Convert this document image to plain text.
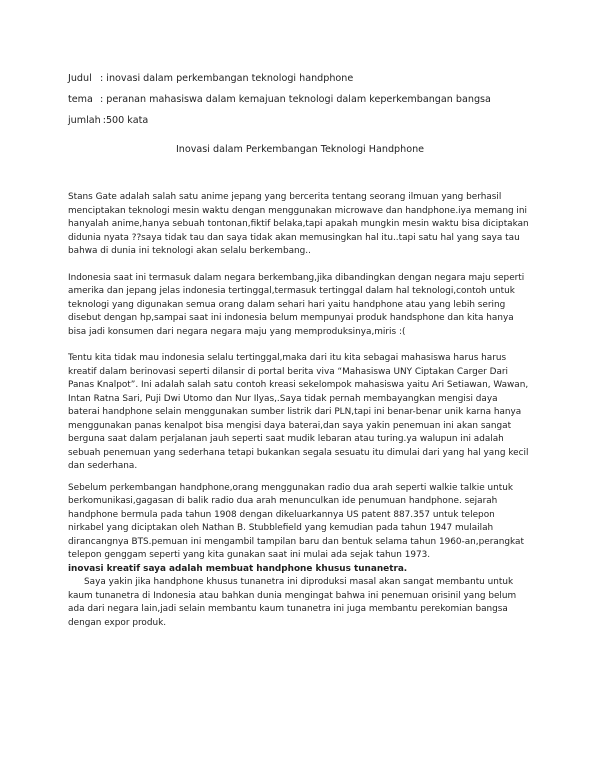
Judul : inovasi dalam perkembangan teknologi handphone
tema : peranan mahasiswa dalam kemajuan teknologi dalam keperkembangan bangsa
jumlah :500 kata
Inovasi dalam Perkembangan Teknologi Handphone

Stans Gate adalah salah satu anime jepang yang bercerita tentang seorang ilmuan yang berhasil menciptakan teknologi mesin waktu dengan menggunakan microwave dan handphone.iya memang ini hanyalah anime,hanya sebuah tontonan,fiktif belaka,tapi apakah mungkin mesin waktu bisa diciptakan didunia nyata ??saya tidak tau dan saya tidak akan memusingkan hal itu..tapi satu hal yang saya tau bahwa di dunia ini teknologi akan selalu berkembang..

Indonesia saat ini termasuk dalam negara berkembang,jika dibandingkan dengan negara maju seperti amerika dan jepang jelas indonesia tertinggal,termasuk tertinggal dalam hal teknologi,contoh untuk teknologi yang digunakan semua orang dalam sehari hari yaitu handphone atau yang lebih sering disebut dengan hp,sampai saat ini indonesia belum mempunyai produk handsphone dan kita hanya bisa jadi konsumen dari negara negara maju yang memproduksinya,miris :(

Tentu kita tidak mau indonesia selalu tertinggal,maka dari itu kita sebagai mahasiswa harus harus kreatif dalam berinovasi seperti dilansir di portal berita viva “Mahasiswa UNY Ciptakan Carger Dari Panas Knalpot”. Ini adalah salah satu contoh kreasi sekelompok mahasiswa yaitu Ari Setiawan, Wawan, Intan Ratna Sari, Puji Dwi Utomo dan Nur Ilyas,.Saya tidak pernah membayangkan mengisi daya baterai handphone selain menggunakan sumber listrik dari PLN,tapi ini benar-benar unik karna hanya menggunakan panas kenalpot bisa mengisi daya baterai,dan saya yakin penemuan ini akan sangat berguna saat dalam perjalanan jauh seperti saat mudik lebaran atau turing.ya walupun ini adalah sebuah penemuan yang sederhana tetapi bukankan segala sesuatu itu dimulai dari yang hal yang kecil dan sederhana.

Sebelum perkembangan handphone,orang menggunakan radio dua arah seperti walkie talkie untuk berkomunikasi,gagasan di balik radio dua arah menunculkan ide penumuan handphone. sejarah handphone bermula pada tahun 1908 dengan dikeluarkannya US patent 887.357 untuk telepon nirkabel yang diciptakan oleh Nathan B. Stubblefield yang kemudian pada tahun 1947 mulailah dirancangnya BTS.pemuan ini mengambil tampilan baru dan bentuk selama tahun 1960-an,perangkat telepon genggam seperti yang kita gunakan saat ini mulai ada sejak tahun 1973.

inovasi kreatif saya adalah membuat handphone khusus tunanetra.

Saya yakin jika handphone khusus tunanetra ini diproduksi masal akan sangat membantu untuk kaum tunanetra di Indonesia atau bahkan dunia mengingat bahwa ini penemuan orisinil yang belum ada dari negara lain,jadi selain membantu kaum tunanetra ini juga membantu perekomian bangsa dengan expor produk.
